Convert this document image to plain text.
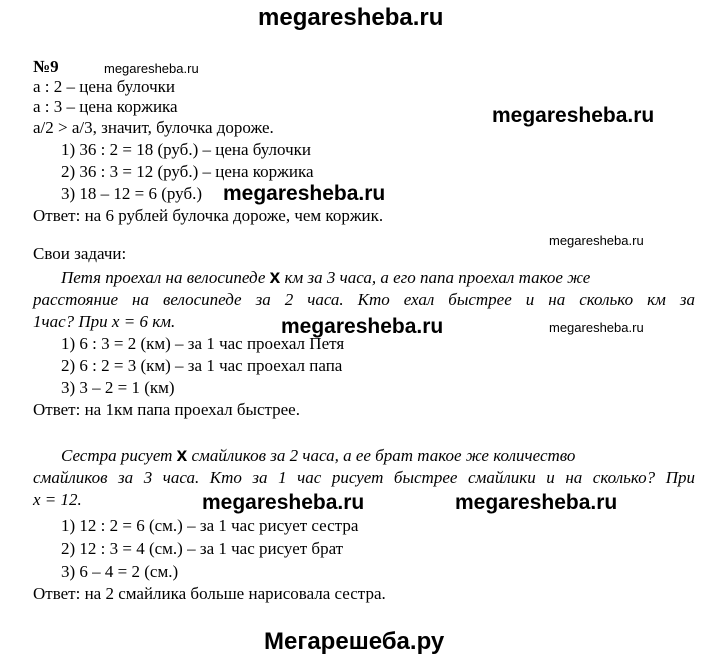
megaresheba.ru
№9	megaresheba.ru
а : 2 – цена булочки
а : 3 – цена коржика	megaresheba.ru
а/2 > а/3, значит, булочка дороже.
1) 36 : 2 = 18 (руб.) – цена булочки
2) 36 : 3 = 12 (руб.) – цена коржика
3) 18 – 12 = 6 (руб.) megaresheba.ru
Ответ: на 6 рублей булочка дороже, чем коржик.
megaresheba.ru
Свои задачи:
Петя проехал на велосипеде x км за 3 часа, а его папа проехал такое же
расстояние на велосипеде за 2 часа. Кто ехал быстрее и на сколько км за
1час? При х = 6 км.	megaresheba.ru	megaresheba.ru
1) 6 : 3 = 2 (км) – за 1 час проехал Петя
2) 6 : 2 = 3 (км) – за 1 час проехал папа
3) 3 – 2 = 1 (км)
Ответ: на 1км папа проехал быстрее.
Сестра рисует x смайликов за 2 часа, а ее брат такое же количество
смайликов за 3 часа. Кто за 1 час рисует быстрее смайлики и на сколько? При
х = 12.	megaresheba.ru	megaresheba.ru
1) 12 : 2 = 6 (см.) – за 1 час рисует сестра
2) 12 : 3 = 4 (см.) – за 1 час рисует брат
3) 6 – 4 = 2 (см.)
Ответ: на 2 смайлика больше нарисовала сестра.
Мегарешеба.ру
